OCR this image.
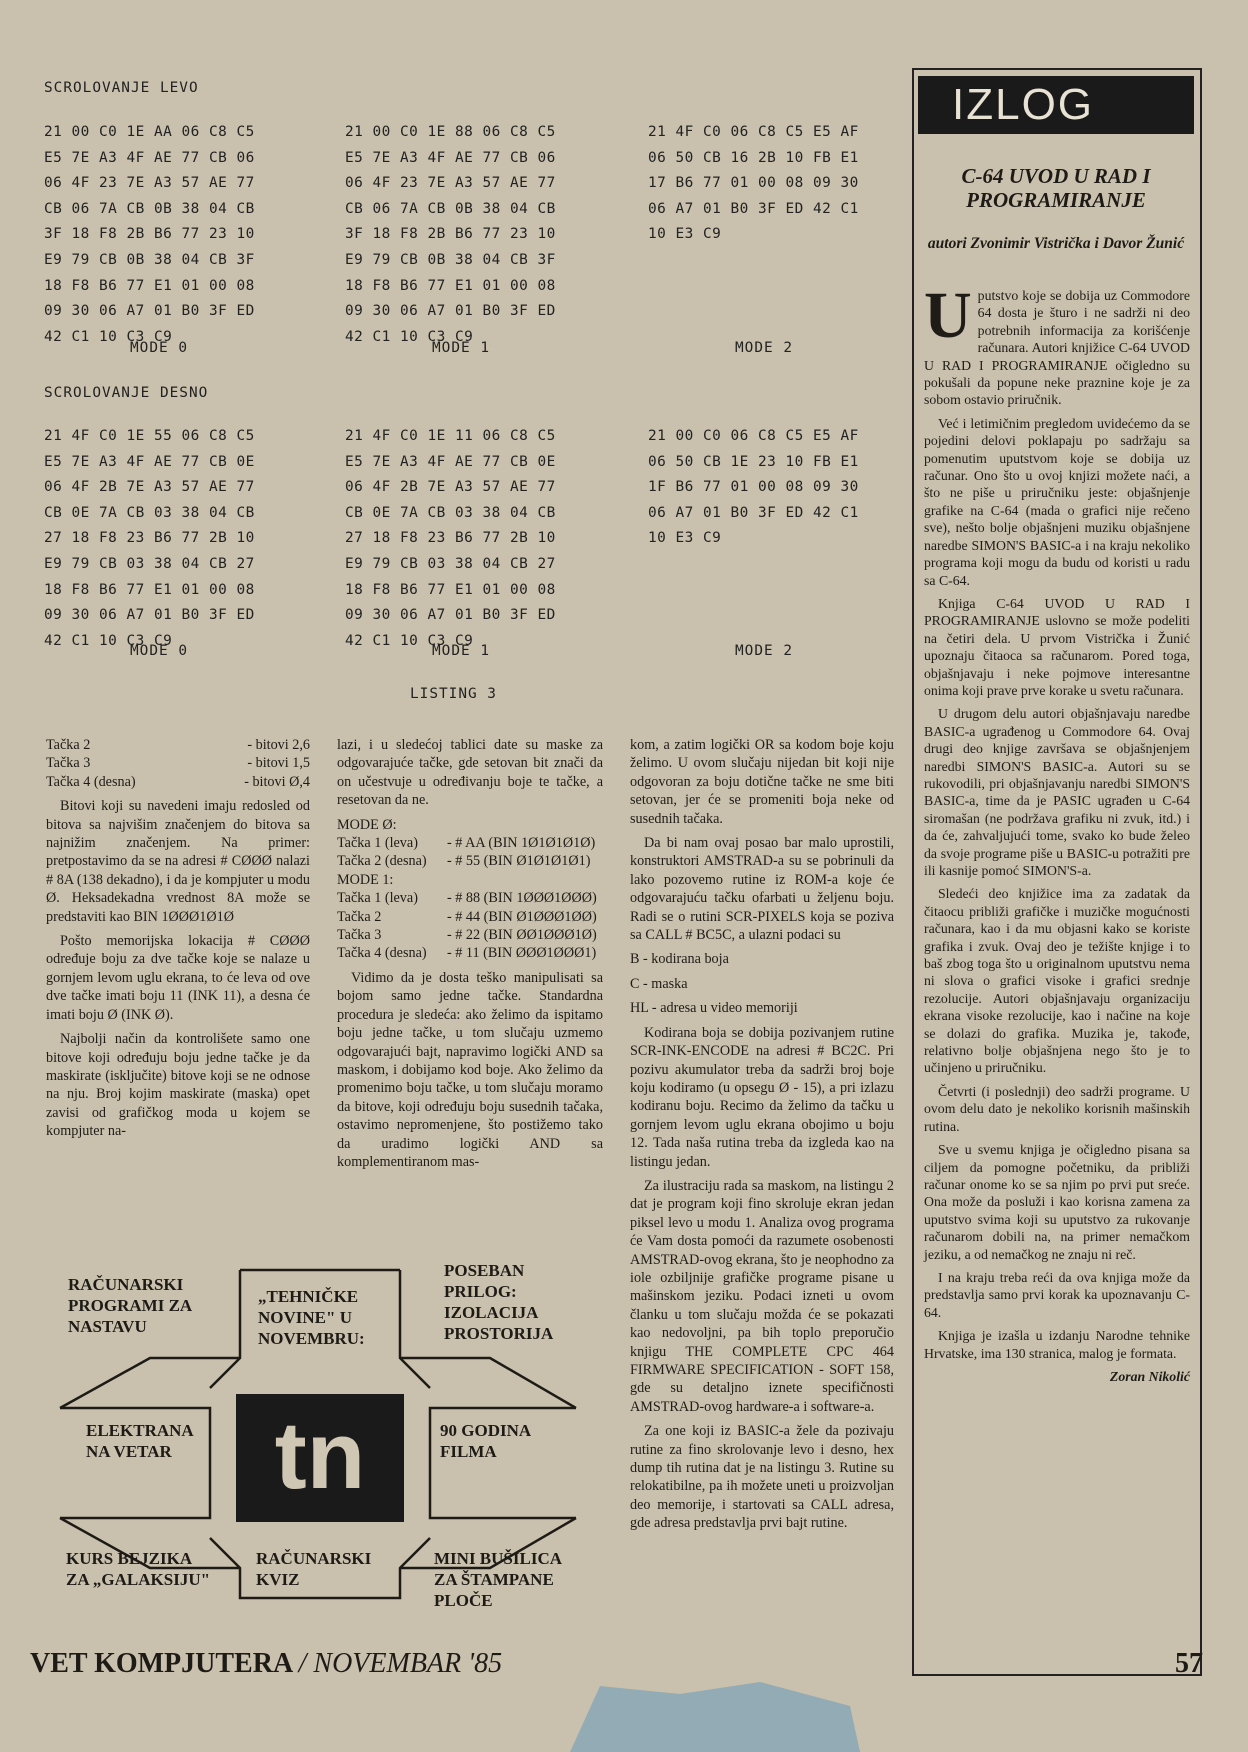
SCROLOVANJE LEVO
21 00 C0 1E AA 06 C8 C5
E5 7E A3 4F AE 77 CB 06
06 4F 23 7E A3 57 AE 77
CB 06 7A CB 0B 38 04 CB
3F 18 F8 2B B6 77 23 10
E9 79 CB 0B 38 04 CB 3F
18 F8 B6 77 E1 01 00 08
09 30 06 A7 01 B0 3F ED
42 C1 10 C3 C9
21 00 C0 1E 88 06 C8 C5
E5 7E A3 4F AE 77 CB 06
06 4F 23 7E A3 57 AE 77
CB 06 7A CB 0B 38 04 CB
3F 18 F8 2B B6 77 23 10
E9 79 CB 0B 38 04 CB 3F
18 F8 B6 77 E1 01 00 08
09 30 06 A7 01 B0 3F ED
42 C1 10 C3 C9
21 4F C0 06 C8 C5 E5 AF
06 50 CB 16 2B 10 FB E1
17 B6 77 01 00 08 09 30
06 A7 01 B0 3F ED 42 C1
10 E3 C9
MODE 0	MODE 1	MODE 2
SCROLOVANJE DESNO
21 4F C0 1E 55 06 C8 C5
E5 7E A3 4F AE 77 CB 0E
06 4F 2B 7E A3 57 AE 77
CB 0E 7A CB 03 38 04 CB
27 18 F8 23 B6 77 2B 10
E9 79 CB 03 38 04 CB 27
18 F8 B6 77 E1 01 00 08
09 30 06 A7 01 B0 3F ED
42 C1 10 C3 C9
21 4F C0 1E 11 06 C8 C5
E5 7E A3 4F AE 77 CB 0E
06 4F 2B 7E A3 57 AE 77
CB 0E 7A CB 03 38 04 CB
27 18 F8 23 B6 77 2B 10
E9 79 CB 03 38 04 CB 27
18 F8 B6 77 E1 01 00 08
09 30 06 A7 01 B0 3F ED
42 C1 10 C3 C9
21 00 C0 06 C8 C5 E5 AF
06 50 CB 1E 23 10 FB E1
1F B6 77 01 00 08 09 30
06 A7 01 B0 3F ED 42 C1
10 E3 C9
MODE 0	MODE 1	MODE 2
LISTING 3
Tačka 2	- bitovi 2,6
Tačka 3	- bitovi 1,5
Tačka 4 (desna)	- bitovi Ø,4

Bitovi koji su navedeni imaju redosled od bitova sa najvišim značenjem do bitova sa najnižim značenjem. Na primer: pretpostavimo da se na adresi # CØØØ nalazi # 8A (138 dekadno), i da je kompjuter u modu Ø. Heksadekadna vrednost 8A može se predstaviti kao BIN 1ØØØ1Ø1Ø

Pošto memorijska lokacija # CØØØ određuje boju za dve tačke koje se nalaze u gornjem levom uglu ekrana, to će leva od ove dve tačke imati boju 11 (INK 11), a desna će imati boju Ø (INK Ø).

Najbolji način da kontrolišete samo one bitove koji određuju boju jedne tačke je da maskirate (isključite) bitove koji se ne odnose na nju. Broj kojim maskirate (maska) opet zavisi od grafičkog moda u kojem se kompjuter na-

lazi, i u sledećoj tablici date su maske za odgovarajuće tačke, gde setovan bit znači da on učestvuje u određivanju boje te tačke, a resetovan da ne.

MODE Ø:
Tačka 1 (leva)	- # AA (BIN 1Ø1Ø1Ø1Ø)
Tačka 2 (desna)	- # 55 (BIN Ø1Ø1Ø1Ø1)
MODE 1:
Tačka 1 (leva)	- # 88 (BIN 1ØØØ1ØØØ)
Tačka 2	- # 44 (BIN Ø1ØØØ1ØØ)
Tačka 3	- # 22 (BIN ØØ1ØØØ1Ø)
Tačka 4 (desna)	- # 11 (BIN ØØØ1ØØØ1)

Vidimo da je dosta teško manipulisati sa bojom samo jedne tačke. Standardna procedura je sledeća: ako želimo da ispitamo boju jedne tačke, u tom slučaju uzmemo odgovarajući bajt, napravimo logički AND sa maskom, i dobijamo kod boje. Ako želimo da promenimo boju tačke, u tom slučaju moramo da bitove, koji određuju boju susednih tačaka, ostavimo nepromenjene, što postižemo tako da uradimo logički AND sa komplementiranom mas-

kom, a zatim logički OR sa kodom boje koju želimo. U ovom slučaju nijedan bit koji nije odgovoran za boju dotične tačke ne sme biti setovan, jer će se promeniti boja neke od susednih tačaka.

Da bi nam ovaj posao bar malo uprostili, konstruktori AMSTRAD-a su se pobrinuli da lako pozovemo rutine iz ROM-a koje će odgovarajuću tačku ofarbati u željenu boju. Radi se o rutini SCR-PIXELS koja se poziva sa CALL # BC5C, a ulazni podaci su

B - kodirana boja

C - maska

HL - adresa u video memoriji

Kodirana boja se dobija pozivanjem rutine SCR-INK-ENCODE na adresi # BC2C. Pri pozivu akumulator treba da sadrži broj boje koju kodiramo (u opsegu Ø - 15), a pri izlazu kodiranu boju. Recimo da želimo da tačku u gornjem levom uglu ekrana obojimo u boju 12. Tada naša rutina treba da izgleda kao na listingu jedan.

Za ilustraciju rada sa maskom, na listingu 2 dat je program koji fino skroluje ekran jedan piksel levo u modu 1. Analiza ovog programa će Vam dosta pomoći da razumete osobenosti AMSTRAD-ovog ekrana, što je neophodno za iole ozbiljnije grafičke programe pisane u mašinskom jeziku. Podaci izneti u ovom članku u tom slučaju možda će se pokazati kao nedovoljni, pa bih toplo preporučio knjigu THE COMPLETE CPC 464 FIRMWARE SPECIFICATION - SOFT 158, gde su detaljno iznete specifičnosti AMSTRAD-ovog hardware-a i software-a.

Za one koji iz BASIC-a žele da pozivaju rutine za fino skrolovanje levo i desno, hex dump tih rutina dat je na listingu 3. Rutine su relokatibilne, pa ih možete uneti u proizvoljan deo memorije, i startovati sa CALL adresa, gde adresa predstavlja prvi bajt rutine.

IZLOG
C-64 UVOD U RAD I PROGRAMIRANJE
autori Zvonimir Vistrička i Davor Žunić

Uputstvo koje se dobija uz Commodore 64 dosta je šturo i ne sadrži ni deo potrebnih informacija za korišćenje računara. Autori knjižice C-64 UVOD U RAD I PROGRAMIRANJE očigledno su pokušali da popune neke praznine koje je za sobom ostavio priručnik.

Već i letimičnim pregledom uvidećemo da se pojedini delovi poklapaju po sadržaju sa pomenutim uputstvom koje se dobija uz računar. Ono što u ovoj knjizi možete naći, a što ne piše u priručniku jeste: objašnjenje grafike na C-64 (mada o grafici nije rečeno sve), nešto bolje objašnjeni muziku objašnjene naredbe SIMON'S BASIC-a i na kraju nekoliko programa koji mogu da budu od koristi u radu sa C-64.

Knjiga C-64 UVOD U RAD I PROGRAMIRANJE uslovno se može podeliti na četiri dela. U prvom Vistrička i Žunić upoznaju čitaoca sa računarom. Pored toga, objašnjavaju i neke pojmove interesantne onima koji prave prve korake u svetu računara.

U drugom delu autori objašnjavaju naredbe BASIC-a ugrađenog u Commodore 64. Ovaj drugi deo knjige završava se objašnjenjem naredbi SIMON'S BASIC-a. Autori su se rukovodili, pri objašnjavanju naredbi SIMON'S BASIC-a, time da je PASIC ugrađen u C-64 siromašan (ne podržava grafiku ni zvuk, itd.) i da će, zahvaljujući tome, svako ko bude želeo da svoje programe piše u BASIC-u potražiti pre ili kasnije pomoć SIMON'S-a.

Sledeći deo knjižice ima za zadatak da čitaocu približi grafičke i muzičke mogućnosti računara, kao i da mu objasni kako se koriste grafika i zvuk. Ovaj deo je težište knjige i to baš zbog toga što u originalnom uputstvu nema ni slova o grafici visoke i grafici srednje rezolucije. Autori objašnjavaju organizaciju ekrana visoke rezolucije, kao i načine na koje se dolazi do grafika. Muzika je, takođe, relativno bolje objašnjena nego što je to učinjeno u priručniku.

Četvrti (i poslednji) deo sadrži programe. U ovom delu dato je nekoliko korisnih mašinskih rutina.

Sve u svemu knjiga je očigledno pisana sa ciljem da pomogne početniku, da približi računar onome ko se sa njim po prvi put sreće. Ona može da posluži i kao korisna zamena za uputstvo svima koji su uputstvo za rukovanje računarom dobili na, na primer nemačkom jeziku, a od nemačkog ne znaju ni reč.

I na kraju treba reći da ova knjiga može da predstavlja samo prvi korak ka upoznavanju C-64.

Knjiga je izašla u izdanju Narodne tehnike Hrvatske, ima 130 stranica, malog je formata.

Zoran Nikolić
tn
RAČUNARSKI PROGRAMI ZA NASTAVU
„TEHNIČKE NOVINE" U NOVEMBRU:
POSEBAN PRILOG: IZOLACIJA PROSTORIJA
ELEKTRANA NA VETAR
90 GODINA FILMA
KURS BEJZIKA ZA „GALAKSIJU"
RAČUNARSKI KVIZ
MINI BUŠILICA ZA ŠTAMPANE PLOČE
VET KOMPJUTERA / NOVEMBAR '85	57
